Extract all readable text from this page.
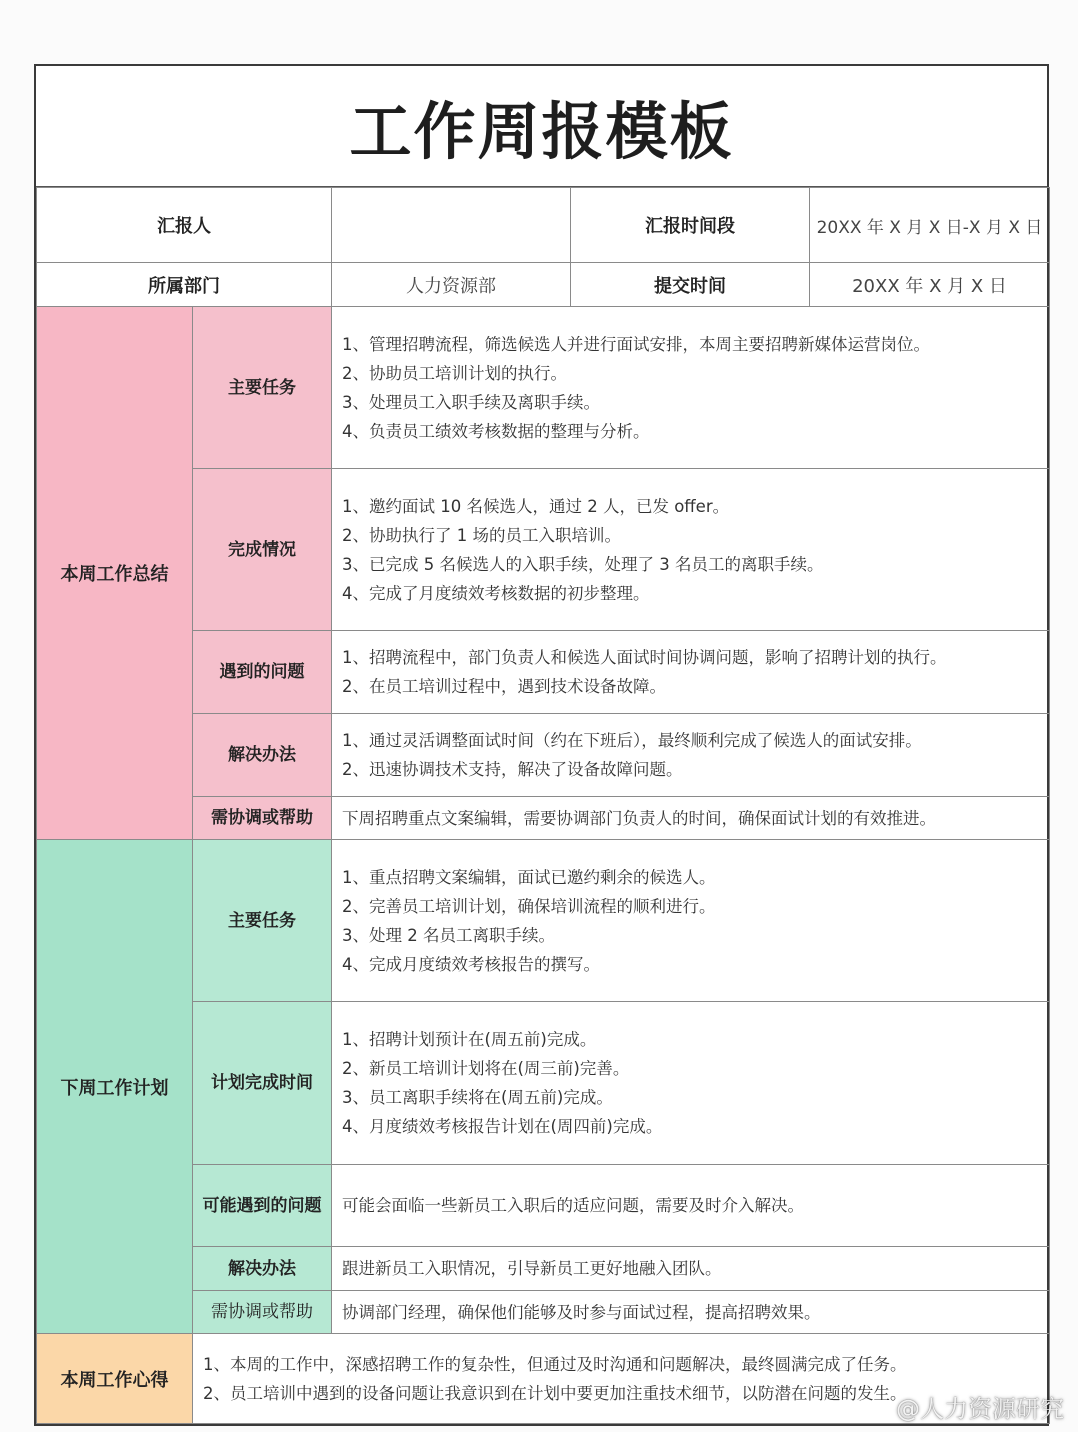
工作周报模板
汇报人			汇报时间段	20XX 年 X 月 X 日-X 月 X 日
所属部门		人力资源部	提交时间	20XX 年 X 月 X 日
本周工作总结	主要任务	1、管理招聘流程，筛选候选人并进行面试安排，本周主要招聘新媒体运营岗位。
2、协助员工培训计划的执行。
3、处理员工入职手续及离职手续。
4、负责员工绩效考核数据的整理与分析。		

	完成情况	1、邀约面试 10 名候选人，通过 2 人，已发 offer。
2、协助执行了 1 场的员工入职培训。
3、已完成 5 名候选人的入职手续，处理了 3 名员工的离职手续。
4、完成了月度绩效考核数据的初步整理。		

	遇到的问题	1、招聘流程中，部门负责人和候选人面试时间协调问题，影响了招聘计划的执行。
2、在员工培训过程中，遇到技术设备故障。		

	解决办法	1、通过灵活调整面试时间（约在下班后），最终顺利完成了候选人的面试安排。
2、迅速协调技术支持，解决了设备故障问题。		

	需协调或帮助	下周招聘重点文案编辑，需要协调部门负责人的时间，确保面试计划的有效推进。		

下周工作计划	主要任务	1、重点招聘文案编辑，面试已邀约剩余的候选人。
2、完善员工培训计划，确保培训流程的顺利进行。
3、处理 2 名员工离职手续。
4、完成月度绩效考核报告的撰写。		

	计划完成时间	1、招聘计划预计在(周五前)完成。
2、新员工培训计划将在(周三前)完善。
3、员工离职手续将在(周五前)完成。
4、月度绩效考核报告计划在(周四前)完成。		

	可能遇到的问题	可能会面临一些新员工入职后的适应问题，需要及时介入解决。		

	解决办法	跟进新员工入职情况，引导新员工更好地融入团队。		

	需协调或帮助	协调部门经理，确保他们能够及时参与面试过程，提高招聘效果。		

本周工作心得	1、本周的工作中，深感招聘工作的复杂性，但通过及时沟通和问题解决，最终圆满完成了任务。
2、员工培训中遇到的设备问题让我意识到在计划中要更加注重技术细节，以防潜在问题的发生。			
@人力资源研究
